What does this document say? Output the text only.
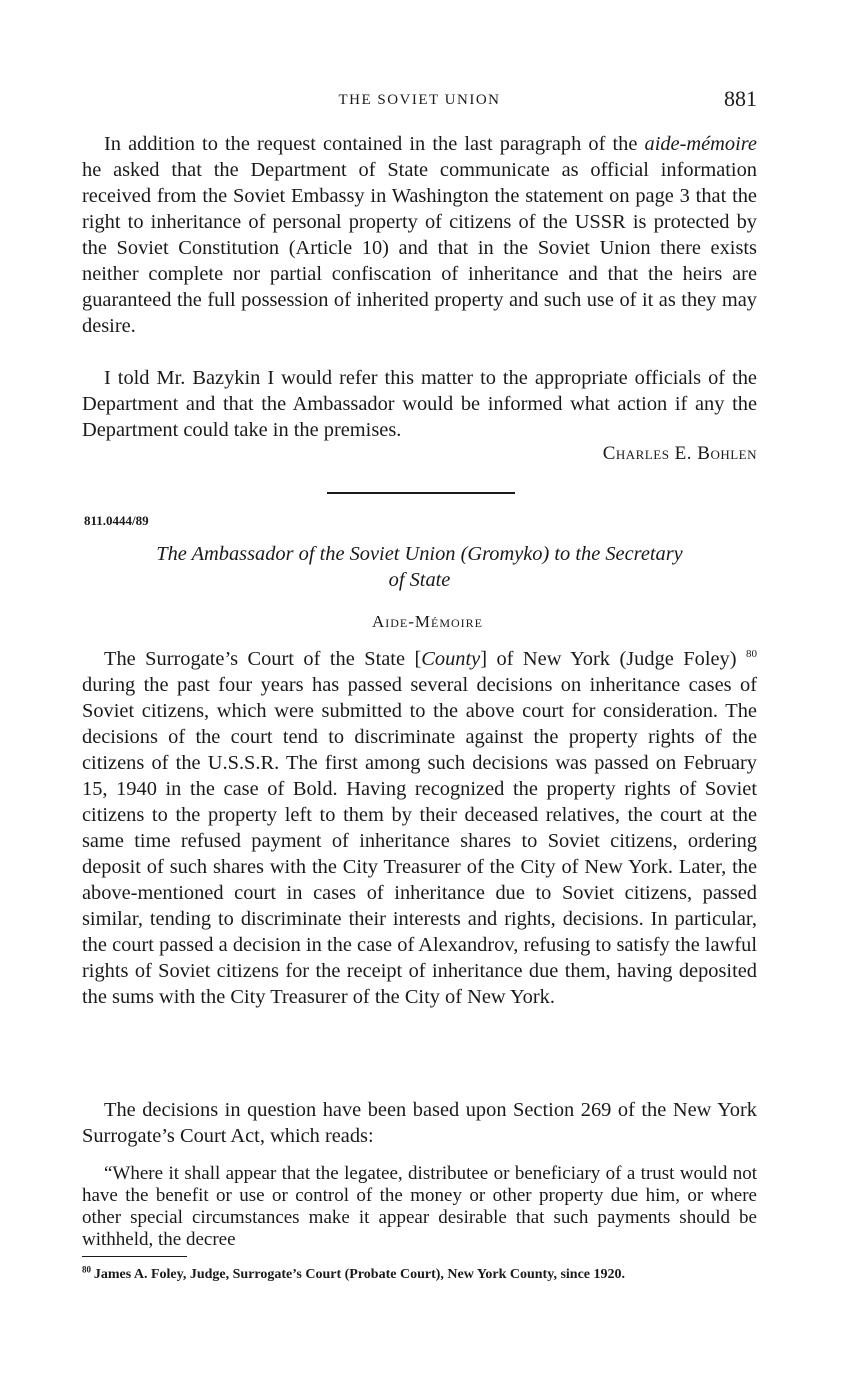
THE SOVIET UNION	881

In addition to the request contained in the last paragraph of the aide-mémoire he asked that the Department of State communicate as official information received from the Soviet Embassy in Washington the statement on page 3 that the right to inheritance of personal property of citizens of the USSR is protected by the Soviet Constitution (Article 10) and that in the Soviet Union there exists neither complete nor partial confiscation of inheritance and that the heirs are guaranteed the full possession of inherited property and such use of it as they may desire.

I told Mr. Bazykin I would refer this matter to the appropriate officials of the Department and that the Ambassador would be informed what action if any the Department could take in the premises.

Charles E. Bohlen
811.0444/89
The Ambassador of the Soviet Union (Gromyko) to the Secretary
of State
Aide-Mémoire

The Surrogate’s Court of the State [County] of New York (Judge Foley) $^{80}$ during the past four years has passed several decisions on inheritance cases of Soviet citizens, which were submitted to the above court for consideration. The decisions of the court tend to discriminate against the property rights of the citizens of the U.S.S.R. The first among such decisions was passed on February 15, 1940 in the case of Bold. Having recognized the property rights of Soviet citizens to the property left to them by their deceased relatives, the court at the same time refused payment of inheritance shares to Soviet citizens, ordering deposit of such shares with the City Treasurer of the City of New York. Later, the above-mentioned court in cases of inheritance due to Soviet citizens, passed similar, tending to discriminate their interests and rights, decisions. In particular, the court passed a decision in the case of Alexandrov, refusing to satisfy the lawful rights of Soviet citizens for the receipt of inheritance due them, having deposited the sums with the City Treasurer of the City of New York.

The decisions in question have been based upon Section 269 of the New York Surrogate’s Court Act, which reads:

“Where it shall appear that the legatee, distributee or beneficiary of a trust would not have the benefit or use or control of the money or other property due him, or where other special circumstances make it appear desirable that such payments should be withheld, the decree

$^{80}$  James A. Foley, Judge, Surrogate’s Court (Probate Court), New York County, since 1920.
